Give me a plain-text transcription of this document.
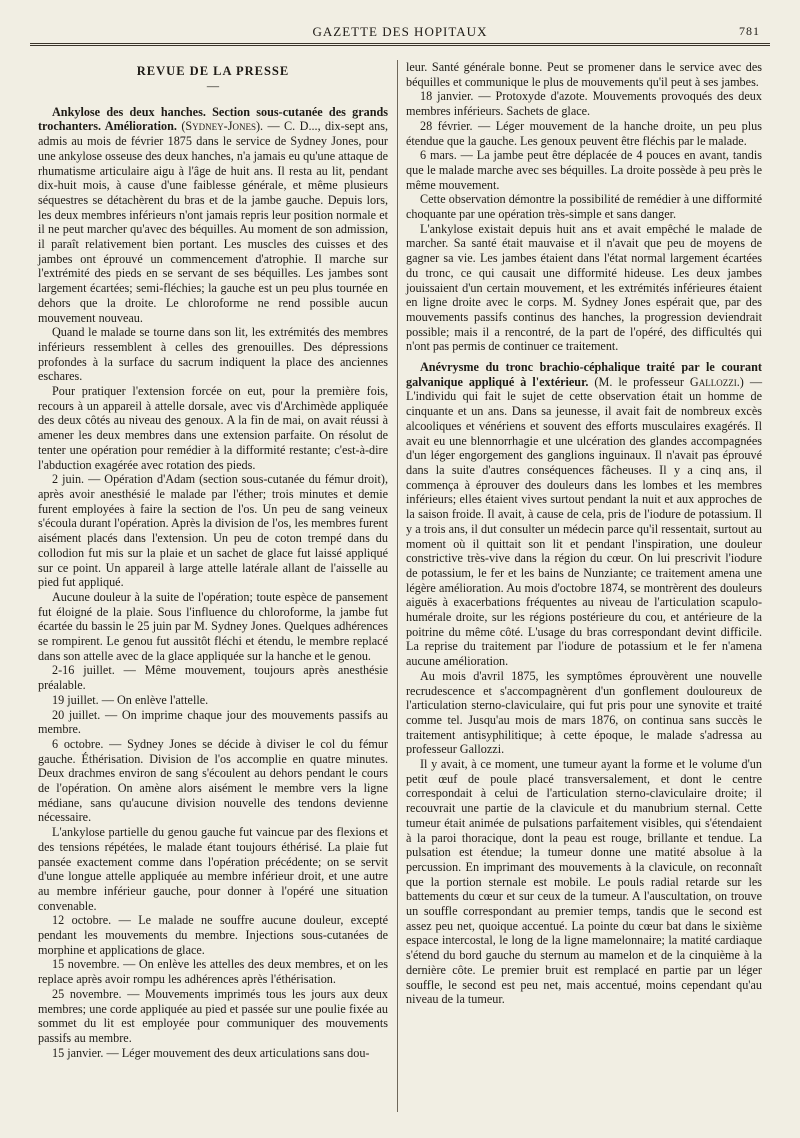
GAZETTE DES HOPITAUX	781
REVUE DE LA PRESSE
—

Ankylose des deux hanches. Section sous-cutanée des grands trochanters. Amélioration. (Sydney-Jones). — C. D..., dix-sept ans, admis au mois de février 1875 dans le service de Sydney Jones, pour une ankylose osseuse des deux hanches, n'a jamais eu qu'une attaque de rhumatisme articulaire aigu à l'âge de huit ans. Il resta au lit, pendant dix-huit mois, à cause d'une faiblesse générale, et même plusieurs séquestres se détachèrent du bras et de la jambe gauche. Depuis lors, les deux membres inférieurs n'ont jamais repris leur position normale et il ne peut marcher qu'avec des béquilles. Au moment de son admission, il paraît relativement bien portant. Les muscles des cuisses et des jambes ont éprouvé un commencement d'atrophie. Il marche sur l'extrémité des pieds en se servant de ses béquilles. Les jambes sont largement écartées; semi-fléchies; la gauche est un peu plus tournée en dehors que la droite. Le chloroforme ne rend possible aucun mouvement nouveau.

Quand le malade se tourne dans son lit, les extrémités des membres inférieurs ressemblent à celles des grenouilles. Des dépressions profondes à la surface du sacrum indiquent la place des anciennes eschares.

Pour pratiquer l'extension forcée on eut, pour la première fois, recours à un appareil à attelle dorsale, avec vis d'Archimède appliquée des deux côtés au niveau des genoux. A la fin de mai, on avait réussi à amener les deux membres dans une extension parfaite. On résolut de tenter une opération pour remédier à la difformité restante; c'est-à-dire l'abduction exagérée avec rotation des pieds.

2 juin. — Opération d'Adam (section sous-cutanée du fémur droit), après avoir anesthésié le malade par l'éther; trois minutes et demie furent employées à faire la section de l'os. Un peu de sang veineux s'écoula durant l'opération. Après la division de l'os, les membres furent aisément placés dans l'extension. Un peu de coton trempé dans du collodion fut mis sur la plaie et un sachet de glace fut laissé appliqué sur ce point. Un appareil à large attelle latérale allant de l'aisselle au pied fut appliqué.

Aucune douleur à la suite de l'opération; toute espèce de pansement fut éloigné de la plaie. Sous l'influence du chloroforme, la jambe fut écartée du bassin le 25 juin par M. Sydney Jones. Quelques adhérences se rompirent. Le genou fut aussitôt fléchi et étendu, le membre replacé dans son attelle avec de la glace appliquée sur la hanche et le genou.

2-16 juillet. — Même mouvement, toujours après anesthésie préalable.

19 juillet. — On enlève l'attelle.

20 juillet. — On imprime chaque jour des mouvements passifs au membre.

6 octobre. — Sydney Jones se décide à diviser le col du fémur gauche. Éthérisation. Division de l'os accomplie en quatre minutes. Deux drachmes environ de sang s'écoulent au dehors pendant le cours de l'opération. On amène alors aisément le membre vers la ligne médiane, sans qu'aucune division nouvelle des tendons devienne nécessaire.

L'ankylose partielle du genou gauche fut vaincue par des flexions et des tensions répétées, le malade étant toujours éthérisé. La plaie fut pansée exactement comme dans l'opération précédente; on se servit d'une longue attelle appliquée au membre inférieur droit, et une autre au membre inférieur gauche, pour donner à l'opéré une situation convenable.

12 octobre. — Le malade ne souffre aucune douleur, excepté pendant les mouvements du membre. Injections sous-cutanées de morphine et applications de glace.

15 novembre. — On enlève les attelles des deux membres, et on les replace après avoir rompu les adhérences après l'éthérisation.

25 novembre. — Mouvements imprimés tous les jours aux deux membres; une corde appliquée au pied et passée sur une poulie fixée au sommet du lit est employée pour communiquer des mouvements passifs au membre.

15 janvier. — Léger mouvement des deux articulations sans dou-

leur. Santé générale bonne. Peut se promener dans le service avec des béquilles et communique le plus de mouvements qu'il peut à ses jambes.

18 janvier. — Protoxyde d'azote. Mouvements provoqués des deux membres inférieurs. Sachets de glace.

28 février. — Léger mouvement de la hanche droite, un peu plus étendue que la gauche. Les genoux peuvent être fléchis par le malade.

6 mars. — La jambe peut être déplacée de 4 pouces en avant, tandis que le malade marche avec ses béquilles. La droite possède à peu près le même mouvement.

Cette observation démontre la possibilité de remédier à une difformité choquante par une opération très-simple et sans danger.

L'ankylose existait depuis huit ans et avait empêché le malade de marcher. Sa santé était mauvaise et il n'avait que peu de moyens de gagner sa vie. Les jambes étaient dans l'état normal largement écartées du tronc, ce qui causait une difformité hideuse. Les deux jambes jouissaient d'un certain mouvement, et les extrémités inférieures étaient en ligne droite avec le corps. M. Sydney Jones espérait que, par des mouvements passifs continus des hanches, la progression deviendrait possible; mais il a rencontré, de la part de l'opéré, des difficultés qui n'ont pas permis de continuer ce traitement.

Anévrysme du tronc brachio-céphalique traité par le courant galvanique appliqué à l'extérieur. (M. le professeur Gallozzi.) — L'individu qui fait le sujet de cette observation était un homme de cinquante et un ans. Dans sa jeunesse, il avait fait de nombreux excès alcooliques et vénériens et souvent des efforts musculaires exagérés. Il avait eu une blennorrhagie et une ulcération des glandes accompagnées d'un léger engorgement des ganglions inguinaux. Il n'avait pas éprouvé dans la suite d'autres conséquences fâcheuses. Il y a cinq ans, il commença à éprouver des douleurs dans les lombes et les membres inférieurs; elles étaient vives surtout pendant la nuit et aux approches de la saison froide. Il avait, à cause de cela, pris de l'iodure de potassium. Il y a trois ans, il dut consulter un médecin parce qu'il ressentait, surtout au moment où il quittait son lit et pendant l'inspiration, une douleur constrictive très-vive dans la région du cœur. On lui prescrivit l'iodure de potassium, le fer et les bains de Nunziante; ce traitement amena une légère amélioration. Au mois d'octobre 1874, se montrèrent des douleurs aiguës à exacerbations fréquentes au niveau de l'articulation scapulo-humérale droite, sur les régions postérieure du cou, et antérieure de la poitrine du même côté. L'usage du bras correspondant devint difficile. La reprise du traitement par l'iodure de potassium et le fer n'amena aucune amélioration.

Au mois d'avril 1875, les symptômes éprouvèrent une nouvelle recrudescence et s'accompagnèrent d'un gonflement douloureux de l'articulation sterno-claviculaire, qui fut pris pour une synovite et traité comme tel. Jusqu'au mois de mars 1876, on continua sans succès le traitement antisyphilitique; à cette époque, le malade s'adressa au professeur Gallozzi.

Il y avait, à ce moment, une tumeur ayant la forme et le volume d'un petit œuf de poule placé transversalement, et dont le centre correspondait à celui de l'articulation sterno-claviculaire droite; il recouvrait une partie de la clavicule et du manubrium sternal. Cette tumeur était animée de pulsations parfaitement visibles, qui s'étendaient à la paroi thoracique, dont la peau est rouge, brillante et tendue. La pulsation est étendue; la tumeur donne une matité absolue à la percussion. En imprimant des mouvements à la clavicule, on reconnaît que la portion sternale est mobile. Le pouls radial retarde sur les battements du cœur et sur ceux de la tumeur. A l'auscultation, on trouve un souffle correspondant au premier temps, tandis que le second est assez peu net, quoique accentué. La pointe du cœur bat dans le sixième espace intercostal, le long de la ligne mamelonnaire; la matité cardiaque s'étend du bord gauche du sternum au mamelon et de la cinquième à la dernière côte. Le premier bruit est remplacé en partie par un léger souffle, le second est peu net, mais accentué, moins cependant qu'au niveau de la tumeur.
